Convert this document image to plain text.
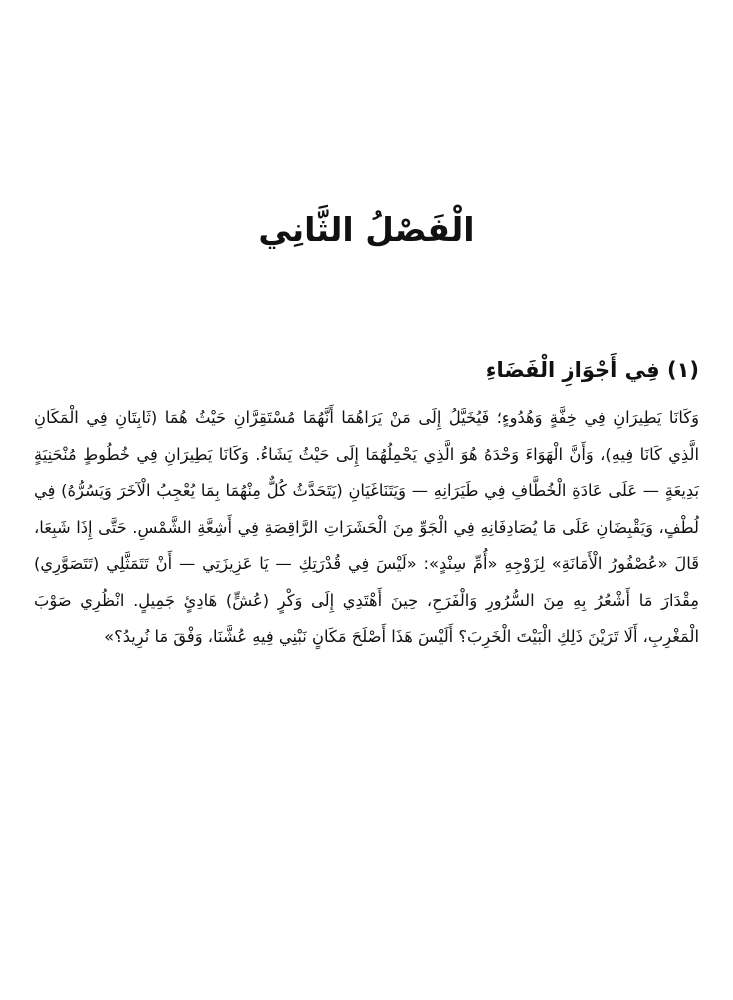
الْفَصْلُ الثَّانِي
(١) فِي أَجْوَازِ الْفَضَاءِ

وَكَانَا يَطِيرَانِ فِي خِفَّةٍ وَهُدُوءٍ؛ فَيُخَيَّلُ إِلَى مَنْ يَرَاهُمَا أَنَّهُمَا مُسْتَقِرَّانِ حَيْثُ هُمَا (ثَابِتَانِ فِي الْمَكَانِ الَّذِي كَانَا فِيهِ)، وَأَنَّ الْهَوَاءَ وَحْدَهُ هُوَ الَّذِي يَحْمِلُهُمَا إِلَى حَيْثُ يَشَاءُ. وَكَانَا يَطِيرَانِ فِي خُطُوطٍ مُنْحَنِيَةٍ بَدِيعَةٍ — عَلَى عَادَةِ الْخُطَّافِ فِي طَيَرَانِهِ — وَيَتَنَاغَيَانِ (يَتَحَدَّثُ كُلٌّ مِنْهُمَا بِمَا يُعْجِبُ الْآخَرَ وَيَسُرُّهُ) فِي لُطْفٍ، وَيَقْبِضَانِ عَلَى مَا يُصَادِفَانِهِ فِي الْجَوِّ مِنَ الْحَشَرَاتِ الرَّاقِصَةِ فِي أَشِعَّةِ الشَّمْسِ. حَتَّى إِذَا شَبِعَا، قَالَ «عُصْفُورُ الْأَمَانَةِ» لِزَوْجِهِ «أُمِّ سِنْدٍ»: «لَيْسَ فِي قُدْرَتِكِ — يَا عَزِيزَتِي — أَنْ تَتَمَثَّلِي (تَتَصَوَّرِي) مِقْدَارَ مَا أَشْعُرُ بِهِ مِنَ السُّرُورِ وَالْفَرَحِ، حِينَ أَهْتَدِي إِلَى وَكْرٍ (عُشٍّ) هَادِئٍ جَمِيلٍ. انْظُرِي صَوْبَ الْمَغْرِبِ، أَلَا تَرَيْنَ ذَلِكِ الْبَيْتَ الْخَرِبَ؟ أَلَيْسَ هَذَا أَصْلَحَ مَكَانٍ نَبْنِي فِيهِ عُشَّنَا، وَفْقَ مَا نُرِيدُ؟»
